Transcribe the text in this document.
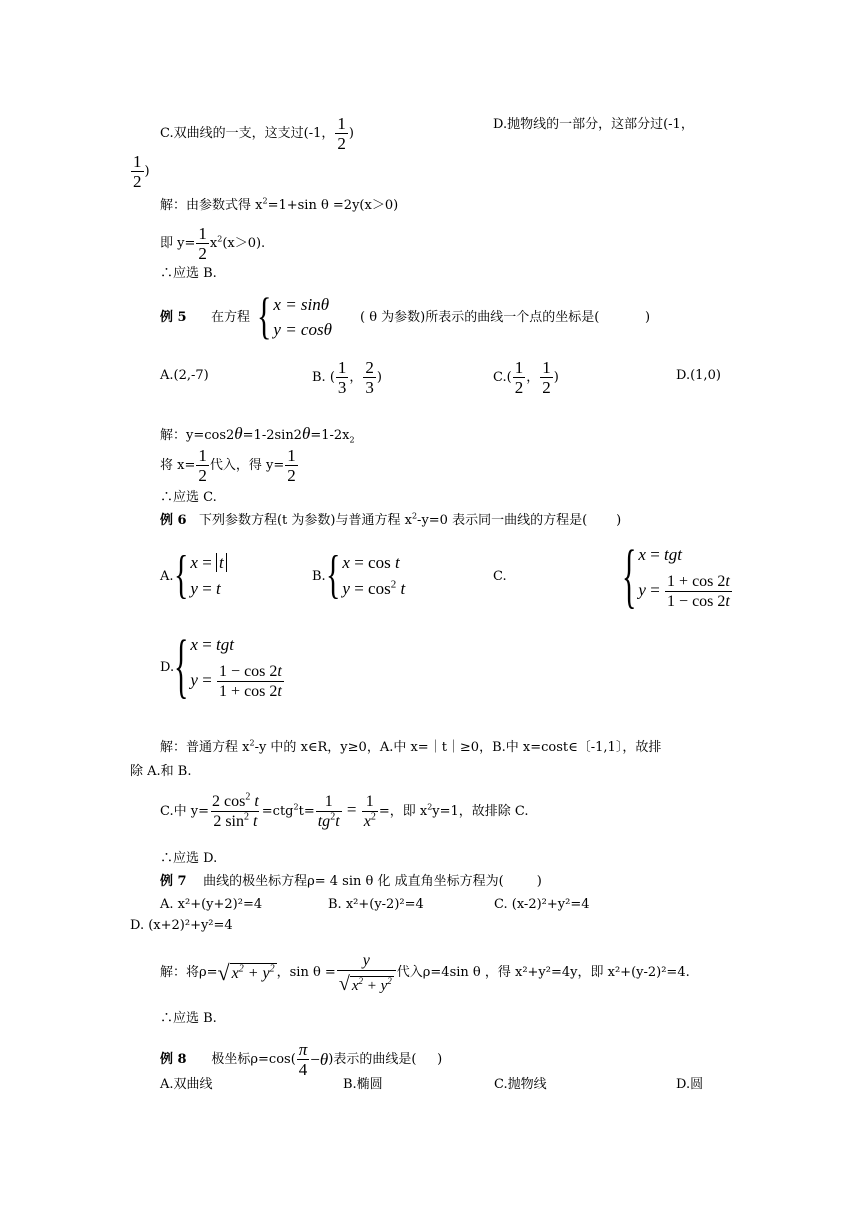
C.双曲线的一支，这支过(-1， $\frac{1}{2}$ )
D.抛物线的一部分，这部分过(-1，
$\frac{1}{2}$ )
解：由参数式得 $x^2=1+\sin$ θ =2y(x＞0)
即 $y= \frac{1}{2} x^2(x>0)$.
∴应选 B.
例 5 在方程 { x = sinθ
y = cosθ
( θ 为参数)所表示的曲线一个点的坐标是(	)
A.(2,-7)	B. ( $\frac{1}{3}$ ， $\frac{2}{3}$ )	$C.( \frac{1}{2}$ ， $\frac{1}{2}$ )	D.(1,0)
解：$y=\cos 2\theta=1-2\sin 2\theta=1-2x_2$
将 $x= \frac{1}{2}$ 代入，得 $y= \frac{1}{2}$
∴应选 C.
例 6 下列参数方程(t 为参数)与普通方程 $x^2-y=0$ 表示同一曲线的方程是( )
A. { x = t
y = t
B. { x = cos t
$y = \cos^2 t$
C.	{ x = tgt
$y = \frac{1 + \cos 2t}{1 - \cos 2t}$
D. { x = tgt
$y = \frac{1 - \cos 2t}{1 + \cos 2t}$
解：普通方程 $x^2-y$ 中的 x∈R，y≥0，A.中 x=｜t｜≥0，B.中 x=cost∈〔-1,1〕，故排
除 A.和 B.
C.中 $y= \frac{2 \cos^2 t}{2 \sin^2 t} =ctg^2t= \frac{1}{tg^2t} = \frac{1}{x^2}$ =，即 $x^2y=1$，故排除 C.
∴应选 D.
例 7 曲线的极坐标方程ρ= 4 sin θ 化 成直角坐标方程为(	)
A. x²+(y+2)²=4	B. x²+(y-2)²=4	C. (x-2)²+y²=4
D. (x+2)²+y²=4
解：将ρ= √ $x^2 + y^2$ ，$\sin \theta = \frac{y}{√ x^2 + y^2}$ 代入ρ=4sin θ ，得 x²+y²=4y，即 x²+(y-2)²=4.
∴应选 B.
例 8
极坐标$\rho=\cos( \frac{\pi}{4} - \theta$ )表示的曲线是(
)
A.双曲线	B.椭圆	C.抛物线	D.圆
